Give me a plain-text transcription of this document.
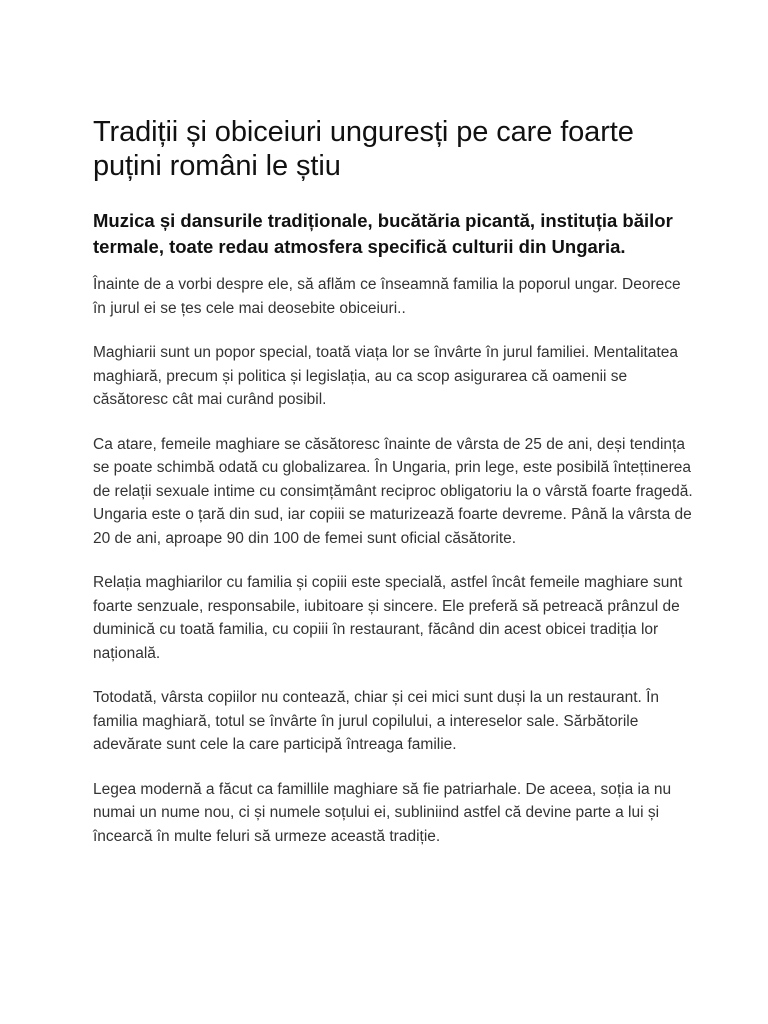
Tradiții și obiceiuri unguresți pe care foarte puțini români le știu
Muzica și dansurile tradiționale, bucătăria picantă, instituția băilor termale, toate redau atmosfera specifică culturii din Ungaria.

Înainte de a vorbi despre ele, să aflăm ce înseamnă familia la poporul ungar. Deorece în jurul ei se țes cele mai deosebite obiceiuri..

Maghiarii sunt un popor special, toată viața lor se învârte în jurul familiei. Mentalitatea maghiară, precum și politica și legislația, au ca scop asigurarea că oamenii se căsătoresc cât mai curând posibil.

Ca atare, femeile maghiare se căsătoresc înainte de vârsta de 25 de ani, deși tendința se poate schimbă odată cu globalizarea. În Ungaria, prin lege, este posibilă întețtinerea de relații sexuale intime cu consimțământ reciproc obligatoriu la o vârstă foarte fragedă. Ungaria este o țară din sud, iar copiii se maturizează foarte devreme. Până la vârsta de 20 de ani, aproape 90 din 100 de femei sunt oficial căsătorite.

Relația maghiarilor cu familia și copiii este specială, astfel încât femeile maghiare sunt foarte senzuale, responsabile, iubitoare și sincere. Ele preferă să petreacă prânzul de duminică cu toată familia, cu copiii în restaurant, făcând din acest obicei tradiția lor națională.

Totodată, vârsta copiilor nu contează, chiar și cei mici sunt duși la un restaurant. În familia maghiară, totul se învârte în jurul copilului, a intereselor sale. Sărbătorile adevărate sunt cele la care participă întreaga familie.

Legea modernă a făcut ca famillile maghiare să fie patriarhale. De aceea, soția ia nu numai un nume nou, ci și numele soțului ei, subliniind astfel că devine parte a lui și încearcă în multe feluri să urmeze această tradiție.
